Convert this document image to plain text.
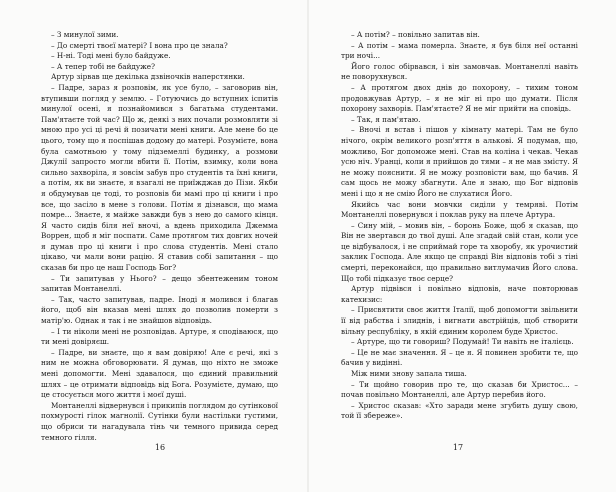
– З минулої зими.

– До смерті твоєї матері? І вона про це знала?

– Н-ні. Тоді мені було байдуже.

– А тепер тобі не байдуже?

Артур зірвав ще декілька дзвіночків наперстянки.

– Падре, зараз я розповім, як усе було, – заговорив він, втупивши погляд у землю. – Готуючись до вступних іспитів минулої осені, я познайомився з багатьма студентами. Пам'ятаєте той час? Що ж, деякі з них почали розмовляти зі мною про усі ці речі й позичати мені книги. Але мене бо це цього, тому що я поспішав додому до матері. Розумієте, вона була самотньою у тому підземеллі будинку, а розмови Джулії запросто могли вбити її. Потім, взимку, коли вона сильно захворіла, я зовсім забув про студентів та їхні книги, а потім, як ви знаєте, я взагалі не приїжджав до Пізи. Якби я обдумував це тоді, то розповів би мамі про ці книги і про все, що засіло в мене з голови. Потім я дізнався, що мама помре... Знаєте, я майже завжди був з нею до самого кінця. Я часто сидів біля неї вночі, а вдень приходила Джемма Воррен, щоб я міг поспати. Саме протягом тих довгих ночей я думав про ці книги і про слова студентів. Мені стало цікаво, чи мали вони рацію. Я ставив собі запитання – що сказав би про це наш Господь Бог?

– Ти запитував у Нього? – дещо збентеженим тоном запитав Монтанеллі.

– Так, часто запитував, падре. Іноді я молився і благав його, щоб він вказав мені шлях до позволив померти з матір'ю. Однак я так і не знайшов відповідь.

– І ти ніколи мені не розповідав. Артуре, я сподіваюся, що ти мені довіряєш.

– Падре, ви знаєте, що я вам довіряю! Але є речі, які з ним не можна обговорювати. Я думав, що ніхто не зможе мені допомогти. Мені здавалося, що єдиний правильний шлях – це отримати відповідь від Бога. Розумієте, думаю, що це стосується мого життя і моєї душі.

Монтанеллі відвернувся і прикипів поглядом до сутінкової похмурості гілок магнолії. Сутінки були настільки густими, що обриси ти нагадувала тінь чи темного привида серед темного гілля.

16

– А потім? – повільно запитав він.

– А потім – мама померла. Знаєте, я був біля неї останні три ночі...

Його голос обірвався, і він замовчав. Монтанеллі навіть не поворухнувся.

– А протягом двох днів до похорону, – тихим тоном продовжував Артур, – я не міг ні про що думати. Після похорону захворів. Пам'ятаєте? Я не міг прийти на сповідь.

– Так, я пам'ятаю.

– Вночі я встав і пішов у кімнату матері. Там не було нічого, окрім великого розп'яття в алькові. Я подумав, що, можливо, Бог допоможе мені. Став на коліна і чекав. Чекав усю ніч. Уранці, коли я прийшов до тями – я не мав змісту. Я не можу пояснити. Я не можу розповісти вам, що бачив. Я сам щось не можу збагнути. Але я знаю, що Бог відповів мені і що я не смію Його не слухатися Його.

Якийсь час вони мовчки сиділи у темряві. Потім Монтанеллі повернувся і поклав руку на плече Артура.

– Сину мій, – мовив він, – боронь Боже, щоб я сказав, що Він не звертався до твої душі. Але згадай свій стан, коли усе це відбувалося, і не сприймай горе та хворобу, як урочистий заклик Господа. Але якщо це справді Він відповів тобі з тіні смерті, переконайся, що правильно витлумачив Його слова. Що тобі підказує твоє серце?

Артур підвівся і повільно відповів, наче повторював катехизис:

– Присвятити своє життя Італії, щоб допомогти звільнити її від рабства і злиднів, і вигнати австрійців, щоб створити вільну республіку, в якій єдиним королем буде Христос.

– Артуре, що ти говориш? Подумай! Ти навіть не італієць.

– Це не має значення. Я – це я. Я повинен зробити те, що бачив у видінні.

Між ними знову запала тиша.

– Ти щойно говорив про те, що сказав би Христос... – почав повільно Монтанеллі, але Артур перебив його.

– Христос сказав: «Хто заради мене згубить душу свою, той її збереже».

17
